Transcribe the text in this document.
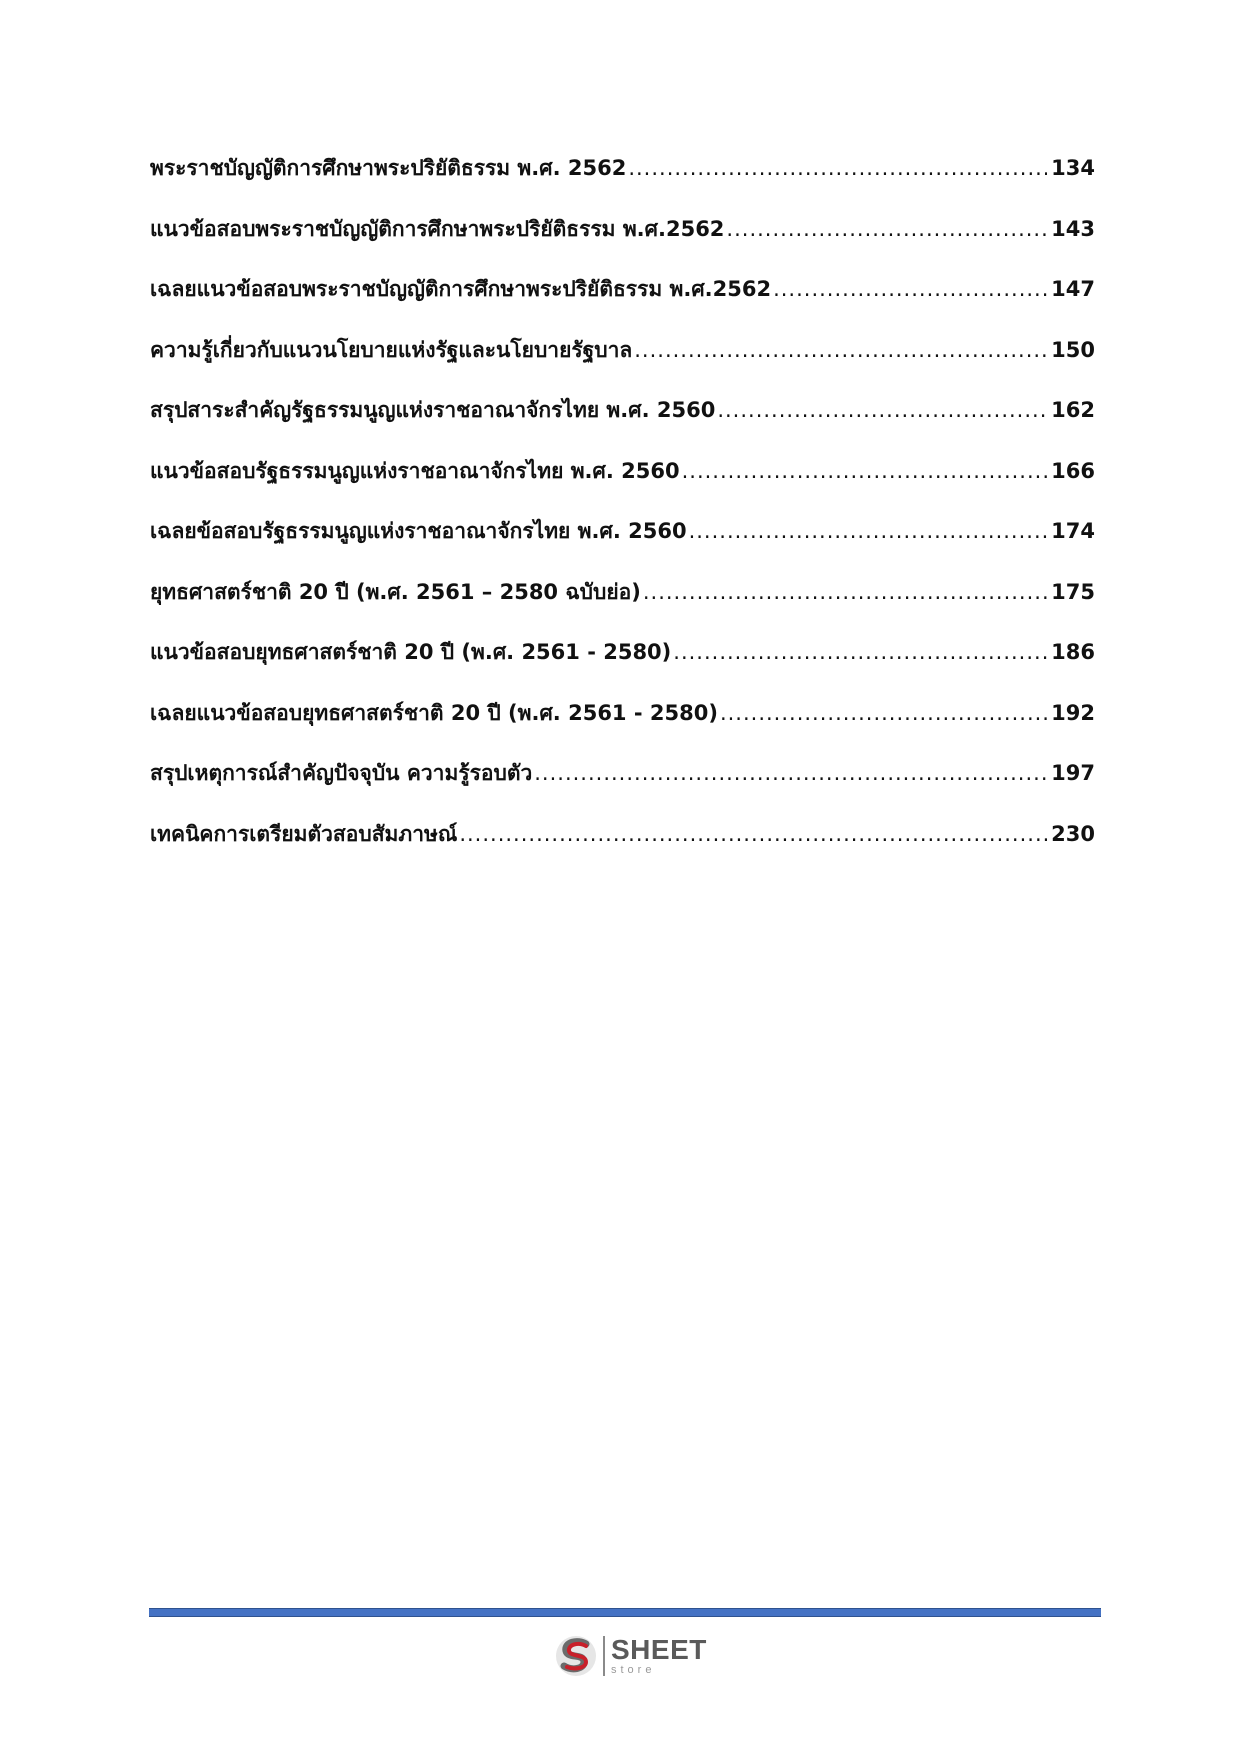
พระราชบัญญัติการศึกษาพระปริยัติธรรม พ.ศ. 2562 .....	134
แนวข้อสอบพระราชบัญญัติการศึกษาพระปริยัติธรรม พ.ศ.2562 .....	143
เฉลยแนวข้อสอบพระราชบัญญัติการศึกษาพระปริยัติธรรม พ.ศ.2562 .....	147
ความรู้เกี่ยวกับแนวนโยบายแห่งรัฐและนโยบายรัฐบาล .....	150
สรุปสาระสำคัญรัฐธรรมนูญแห่งราชอาณาจักรไทย พ.ศ. 2560 .....	162
แนวข้อสอบรัฐธรรมนูญแห่งราชอาณาจักรไทย พ.ศ. 2560 .....	166
เฉลยข้อสอบรัฐธรรมนูญแห่งราชอาณาจักรไทย พ.ศ. 2560 .....	174
ยุทธศาสตร์ชาติ 20 ปี (พ.ศ. 2561 – 2580 ฉบับย่อ) .....	175
แนวข้อสอบยุทธศาสตร์ชาติ 20 ปี (พ.ศ. 2561 - 2580) .....	186
เฉลยแนวข้อสอบยุทธศาสตร์ชาติ 20 ปี (พ.ศ. 2561 - 2580) .....	192
สรุปเหตุการณ์สำคัญปัจจุบัน ความรู้รอบตัว .....	197
เทคนิคการเตรียมตัวสอบสัมภาษณ์ .....	230
SHEET
store
